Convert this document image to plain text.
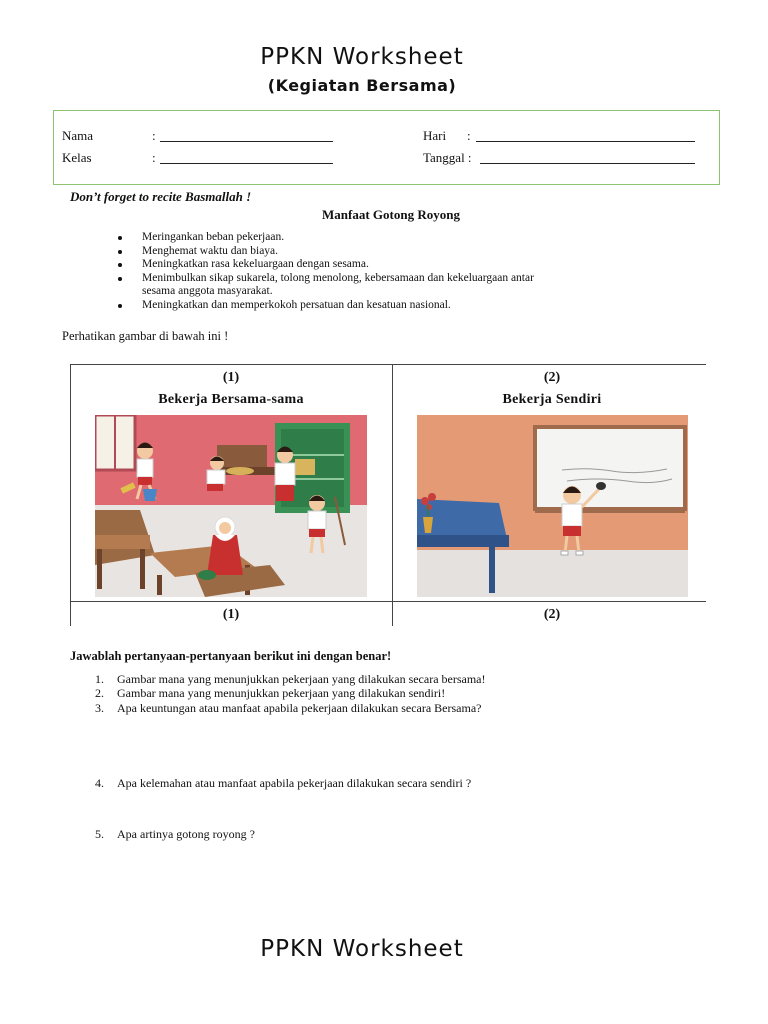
PPKN Worksheet
(Kegiatan Bersama)
Nama	:
Kelas	:
Hari :
Tanggal :
Don’t forget to recite Basmallah !
Manfaat Gotong Royong
Meringankan beban pekerjaan.
Menghemat waktu dan biaya.
Meningkatkan rasa kekeluargaan dengan sesama.
Menimbulkan sikap sukarela, tolong menolong, kebersamaan dan kekeluargaan antar sesama anggota masyarakat.
Meningkatkan dan memperkokoh persatuan dan kesatuan nasional.
Perhatikan gambar di bawah ini !
(1)
Bekerja Bersama-sama
(2)
Bekerja Sendiri
(1)	(2)
Jawablah pertanyaan-pertanyaan berikut ini dengan benar!
1. Gambar mana yang menunjukkan pekerjaan yang dilakukan secara bersama!
2. Gambar mana yang menunjukkan pekerjaan yang dilakukan sendiri!
3. Apa keuntungan atau manfaat apabila pekerjaan dilakukan secara Bersama?
4. Apa kelemahan atau manfaat apabila pekerjaan dilakukan secara sendiri ?
5. Apa artinya gotong royong ?
PPKN Worksheet
